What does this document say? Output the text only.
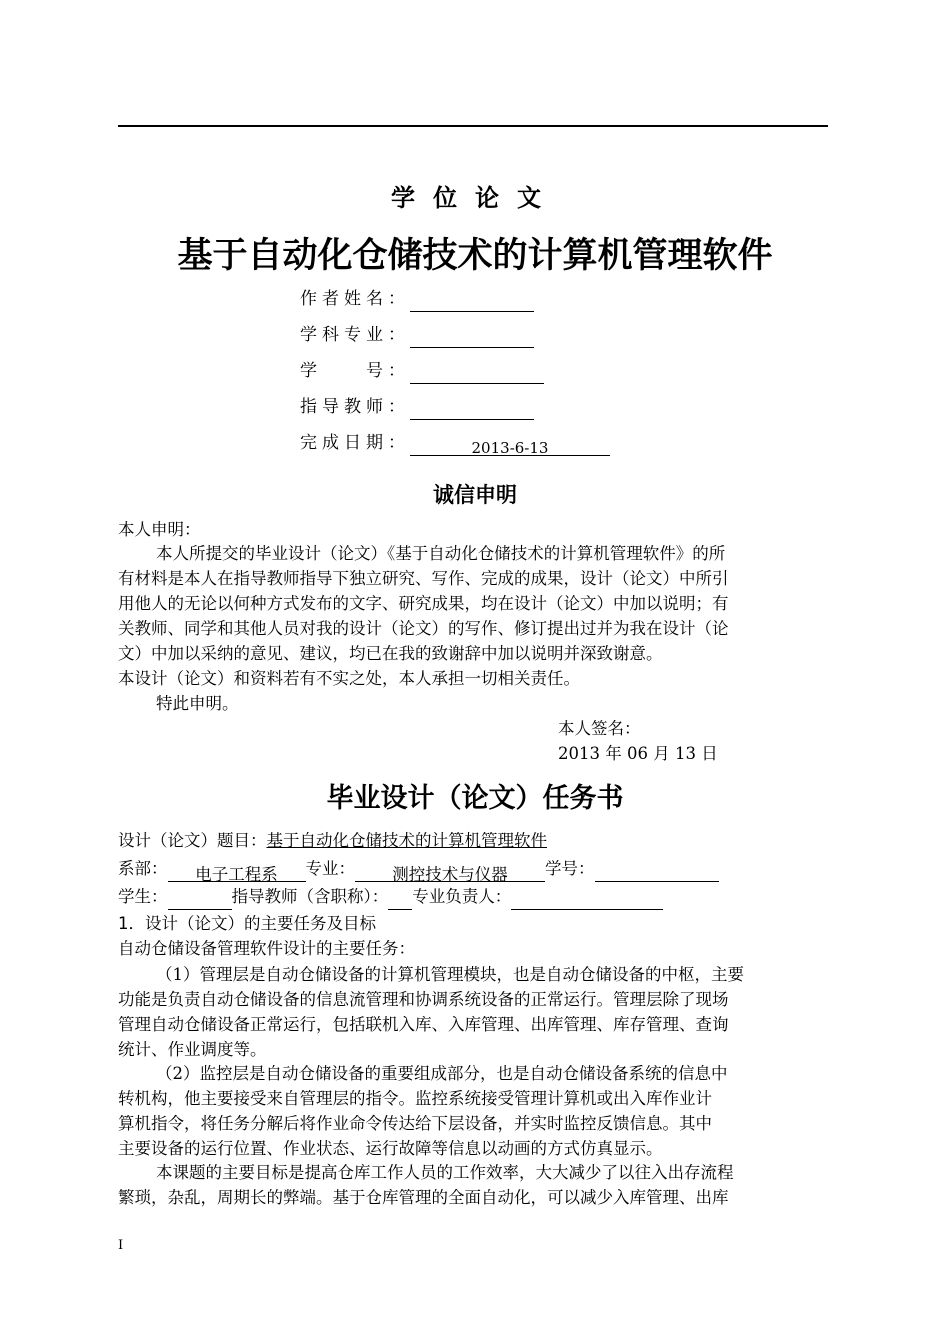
学位论文
基于自动化仓储技术的计算机管理软件
作者姓名：
学科专业：
学　　号：
指导教师：
完成日期：	2013-6-13
诚信申明
本人申明：
本人所提交的毕业设计（论文）《基于自动化仓储技术的计算机管理软件》的所
有材料是本人在指导教师指导下独立研究、写作、完成的成果，设计（论文）中所引
用他人的无论以何种方式发布的文字、研究成果，均在设计（论文）中加以说明；有
关教师、同学和其他人员对我的设计（论文）的写作、修订提出过并为我在设计（论
文）中加以采纳的意见、建议，均已在我的致谢辞中加以说明并深致谢意。
本设计（论文）和资料若有不实之处，本人承担一切相关责任。
特此申明。
本人签名：
2013 年 06 月 13 日
毕业设计（论文）任务书
设计（论文）题目：基于自动化仓储技术的计算机管理软件
系部： 电子工程系 专业： 测控技术与仪器 学号：
学生：	指导教师（含职称）： 专业负责人：
1．设计（论文）的主要任务及目标
自动仓储设备管理软件设计的主要任务：
（1）管理层是自动仓储设备的计算机管理模块，也是自动仓储设备的中枢，主要
功能是负责自动仓储设备的信息流管理和协调系统设备的正常运行。管理层除了现场
管理自动仓储设备正常运行，包括联机入库、入库管理、出库管理、库存管理、查询
统计、作业调度等。
（2）监控层是自动仓储设备的重要组成部分，也是自动仓储设备系统的信息中
转机构，他主要接受来自管理层的指令。监控系统接受管理计算机或出入库作业计
算机指令，将任务分解后将作业命令传达给下层设备，并实时监控反馈信息。其中
主要设备的运行位置、作业状态、运行故障等信息以动画的方式仿真显示。
本课题的主要目标是提高仓库工作人员的工作效率，大大减少了以往入出存流程
繁琐，杂乱，周期长的弊端。基于仓库管理的全面自动化，可以减少入库管理、出库
I
